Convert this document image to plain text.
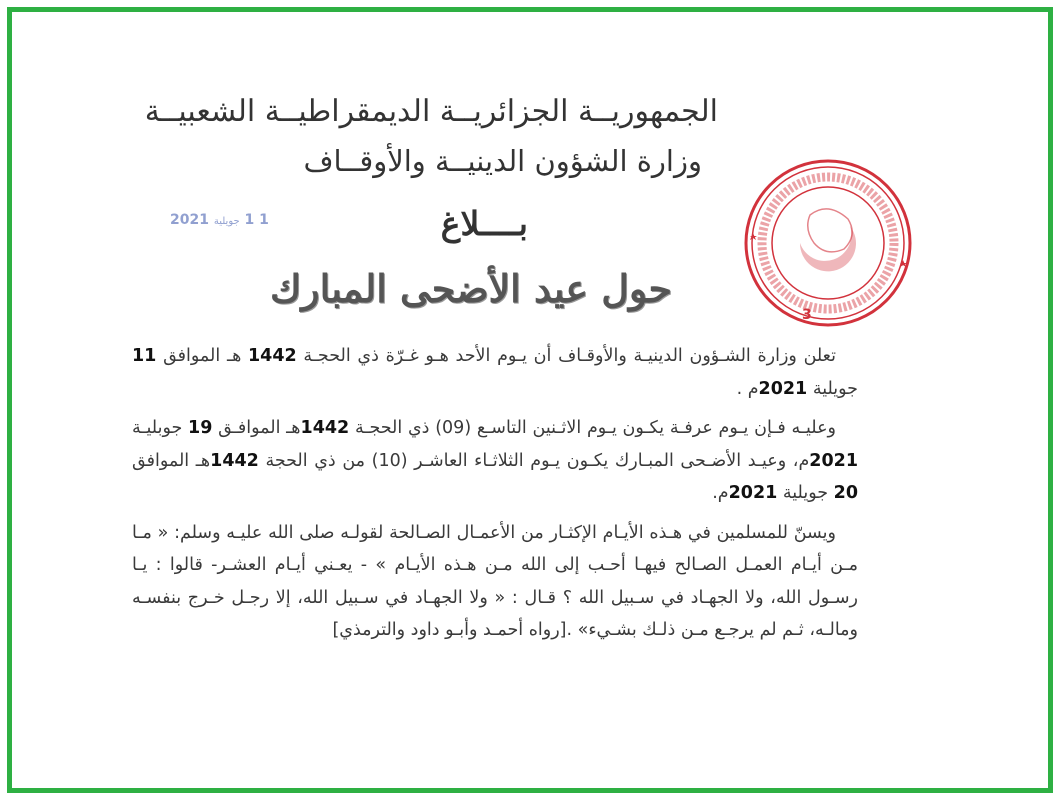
الجمهوريــة الجزائريــة الديمقراطيــة الشعبيــة
وزارة الشؤون الدينيــة والأوقــاف
بــــلاغ
حول عيد الأضحى المبارك
1 1 جويلية 2021
3

تعلن وزارة الشـؤون الدينيـة والأوقـاف أن يـوم الأحد هـو غـرّة ذي الحجـة 1442 هـ الموافق 11 جويلية 2021م .

وعليـه فـإن يـوم عرفـة يكـون يـوم الاثـنين التاسـع (09) ذي الحجـة 1442هـ الموافـق 19 جوبليـة 2021م، وعيـد الأضـحى المبـارك يكـون يـوم الثلاثـاء العاشـر (10) من ذي الحجة 1442هـ الموافق 20 جويلية 2021م.

ويسنّ للمسلمين في هـذه الأيـام الإكثـار من الأعمـال الصـالحة لقولـه صلى الله عليـه وسلم: « مـا مـن أيـام العمـل الصـالح فيهـا أحـب إلى الله مـن هـذه الأيـام » - يعـني أيـام العشـر- قالوا : يـا رسـول الله، ولا الجهـاد في سـبيل الله ؟ قـال : « ولا الجهـاد في سـبيل الله، إلا رجـل خـرج بنفسـه ومالـه، ثـم لم يرجـع مـن ذلـك بشـيء» .[رواه أحمـد وأبـو داود والترمذي]
